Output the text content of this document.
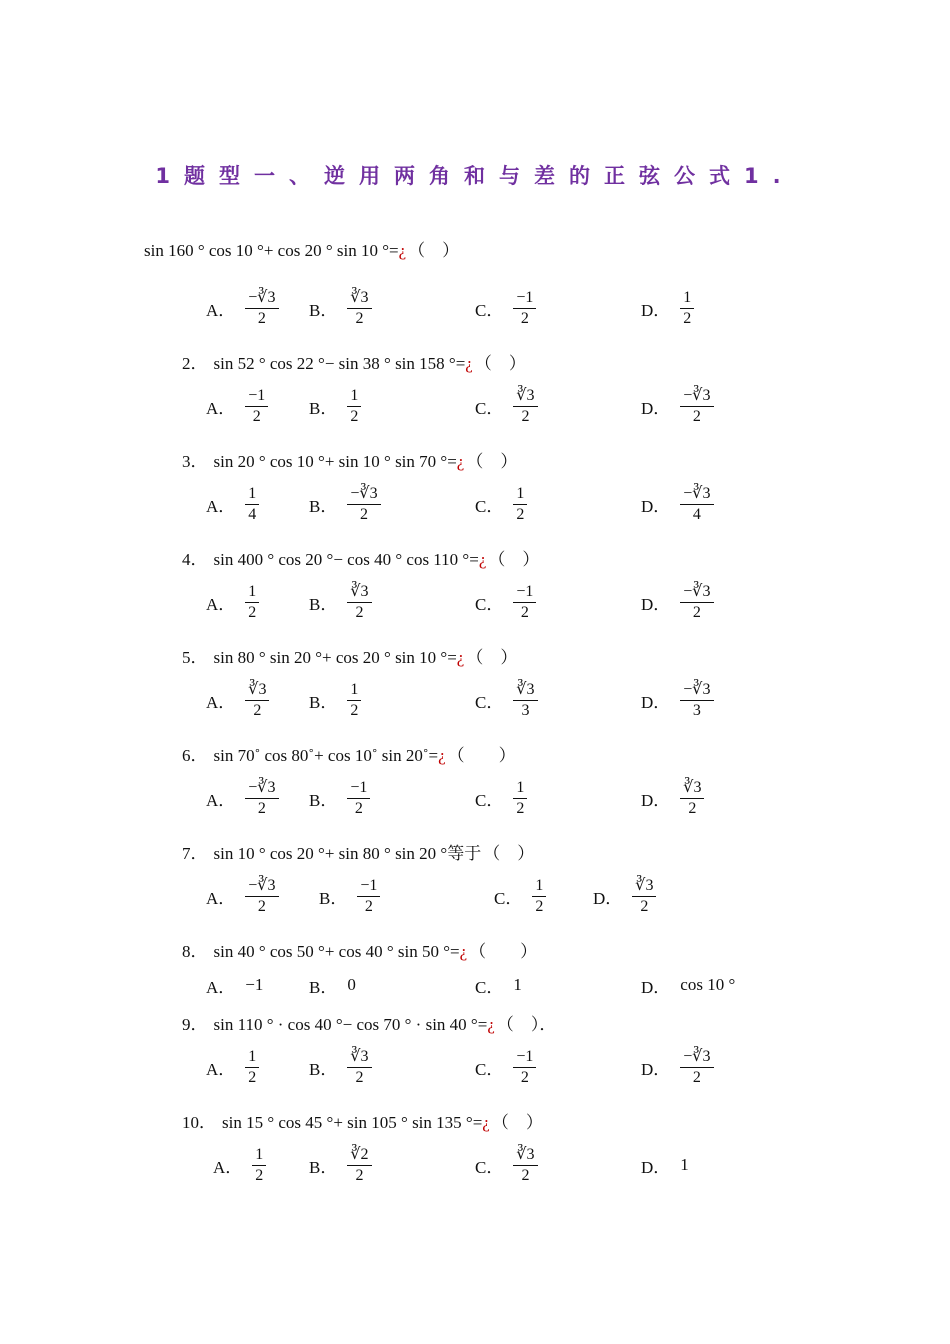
1题型一、逆用两角和与差的正弦公式1.
sin 160 ° cos 10 °+ cos 20 ° sin 10 °=¿ （　）
A． $\frac{-∛3}{2}$ B． $\frac{∛3}{2}$	C． $\frac{-1}{2}$	D． $\frac{1}{2}$
2． sin 52 ° cos 22 °− sin 38 ° sin 158 °=¿ （　）
A． $\frac{-1}{2}$ B． $\frac{1}{2}$	C． $\frac{∛3}{2}$	D． $\frac{-∛3}{2}$
3． sin 20 ° cos 10 °+ sin 10 ° sin 70 °=¿ （　）
A． $\frac{1}{4}$	B． $\frac{-∛3}{2}$	C． $\frac{1}{2}$	D． $\frac{-∛3}{4}$
4． sin 400 ° cos 20 °− cos 40 ° cos 110 °=¿ （　）
A． $\frac{1}{2}$	B． $\frac{∛3}{2}$	C． $\frac{-1}{2}$	D． $\frac{-∛3}{2}$
5． sin 80 ° sin 20 °+ cos 20 ° sin 10 °=¿ （　）
A． $\frac{∛3}{2}$ B． $\frac{1}{2}$	C． $\frac{∛3}{3}$	D． $\frac{-∛3}{3}$
6． sin 70˚ cos 80˚+ cos 10˚ sin 20˚=¿ （　　）
A． $\frac{-∛3}{2}$ B． $\frac{-1}{2}$	C． $\frac{1}{2}$	D． $\frac{∛3}{2}$
7． sin 10 ° cos 20 °+ sin 80 ° sin 20 °等于 （　）
A． $\frac{-∛3}{2}$ B． $\frac{-1}{2}$	C． $\frac{1}{2}$	D． $\frac{∛3}{2}$
8． sin 40 ° cos 50 °+ cos 40 ° sin 50 °=¿ （　　）
A． −1	B． 0	C． 1	D． cos 10 °
9． sin 110 ° · cos 40 °− cos 70 ° · sin 40 °=¿ （　）．
A． $\frac{1}{2}$	B． $\frac{∛3}{2}$	C． $\frac{-1}{2}$	D． $\frac{-∛3}{2}$
10． sin 15 ° cos 45 °+ sin 105 ° sin 135 °=¿ （　）
A． $\frac{1}{2}$	B． $\frac{∛2}{2}$	C． $\frac{∛3}{2}$	D． 1
